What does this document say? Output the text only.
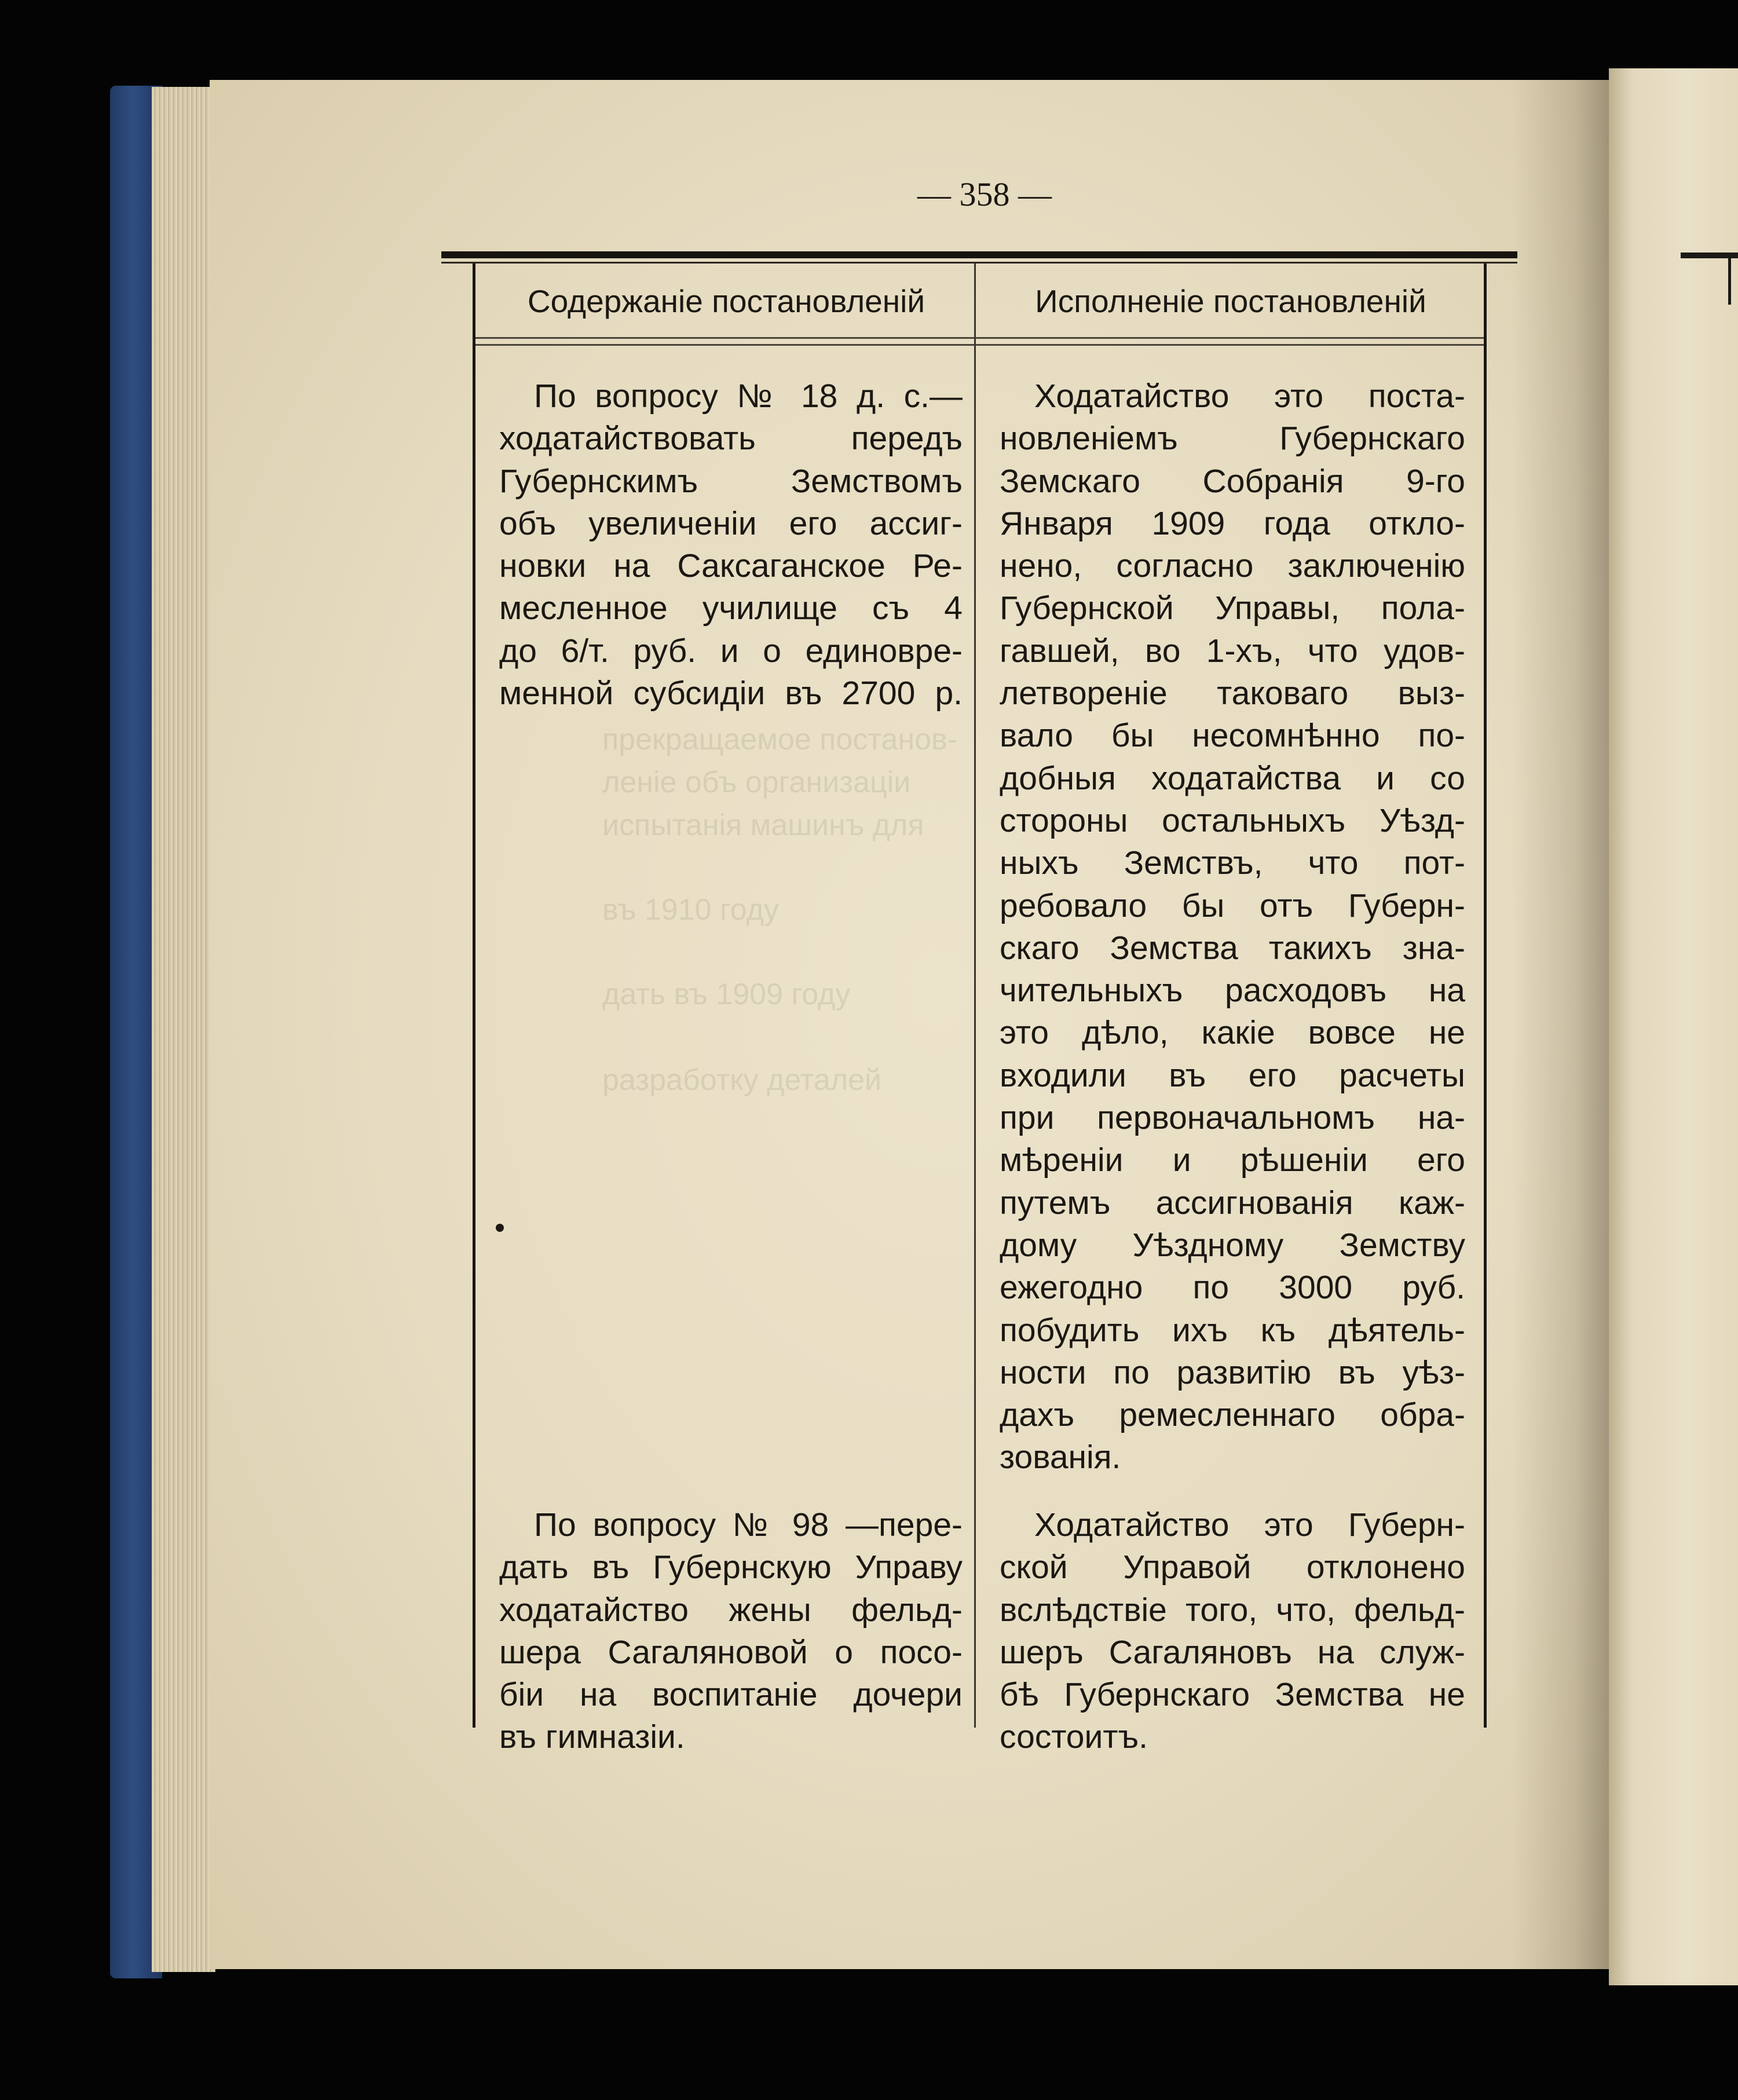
прекращаемое постанов-
леніе объ организаціи
испытанія машинъ для
въ 1910 году
дать въ 1909 году
разработку деталей
— 358 —
Содержаніе постановленій	Исполненіе постановленій
По вопросу № 18 д. с.—
ходатайствовать передъ
Губернскимъ Земствомъ
объ увеличеніи его ассиг-
новки на Саксаганское Ре-
месленное училище съ 4
до 6/т. руб. и о единовре-
менной субсидіи въ 2700 р.
Ходатайство это поста-
новленіемъ Губернскаго
Земскаго Собранія 9-го
Января 1909 года откло-
нено, согласно заключенію
Губернской Управы, пола-
гавшей, во 1-хъ, что удов-
летвореніе таковаго выз-
вало бы несомнѣнно по-
добныя ходатайства и со
стороны остальныхъ Уѣзд-
ныхъ Земствъ, что пот-
ребовало бы отъ Губерн-
скаго Земства такихъ зна-
чительныхъ расходовъ на
это дѣло, какіе вовсе не
входили въ его расчеты
при первоначальномъ на-
мѣреніи и рѣшеніи его
путемъ ассигнованія каж-
дому Уѣздному Земству
ежегодно по 3000 руб.
побудить ихъ къ дѣятель-
ности по развитію въ уѣз-
дахъ ремесленнаго обра-
зованія.
По вопросу № 98 —пере-
дать въ Губернскую Управу
ходатайство жены фельд-
шера Сагаляновой о посо-
біи на воспитаніе дочери
въ гимназіи.
Ходатайство это Губерн-
ской Управой отклонено
вслѣдствіе того, что, фельд-
шеръ Сагаляновъ на служ-
бѣ Губернскаго Земства не
состоитъ.
